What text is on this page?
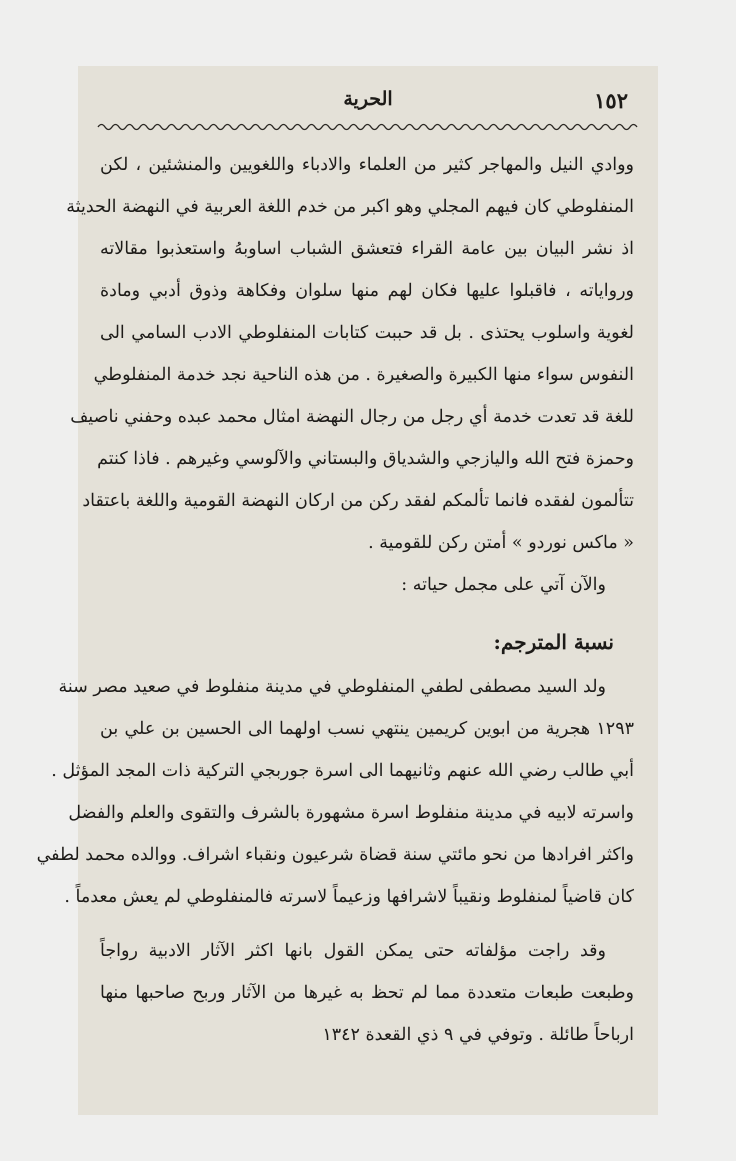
١٥٢
الحرية
ووادي النيل والمهاجر كثير من العلماء والادباء واللغويين والمنشئين ، لكن
المنفلوطي كان فيهم المجلي وهو اكبر من خدم اللغة العربية في النهضة الحديثة
اذ نشر البيان بين عامة القراء فتعشق الشباب اساوبهُ واستعذبوا مقالاته
ورواياته ، فاقبلوا عليها فكان لهم منها سلوان وفكاهة وذوق أدبي ومادة
لغوية واسلوب يحتذى . بل قد حببت كتابات المنفلوطي الادب السامي الى
النفوس سواء منها الكبيرة والصغيرة . من هذه الناحية نجد خدمة المنفلوطي
للغة قد تعدت خدمة أي رجل من رجال النهضة امثال محمد عبده وحفني ناصيف
وحمزة فتح الله واليازجي والشدياق والبستاني والآلوسي وغيرهم . فاذا كنتم
تتألمون لفقده فانما تألمكم لفقد ركن من اركان النهضة القومية واللغة باعتقاد
« ماكس نوردو » أمتن ركن للقومية .
والآن آتي على مجمل حياته :
نسبة المترجم:
ولد السيد مصطفى لطفي المنفلوطي في مدينة منفلوط في صعيد مصر سنة
١٢٩٣ هجرية من ابوين كريمين ينتهي نسب اولهما الى الحسين بن علي بن
أبي طالب رضي الله عنهم وثانيهما الى اسرة جوربجي التركية ذات المجد المؤثل .
واسرته لابيه في مدينة منفلوط اسرة مشهورة بالشرف والتقوى والعلم والفضل
واكثر افرادها من نحو مائتي سنة قضاة شرعيون ونقباء اشراف. ووالده محمد لطفي
كان قاضياً لمنفلوط ونقيباً لاشرافها وزعيماً لاسرته فالمنفلوطي لم يعش معدماً .
وقد راجت مؤلفاته حتى يمكن القول بانها اكثر الآثار الادبية رواجاً
وطبعت طبعات متعددة مما لم تحظ به غيرها من الآثار وربح صاحبها منها
ارباحاً طائلة . وتوفي في ٩ ذي القعدة ١٣٤٢
